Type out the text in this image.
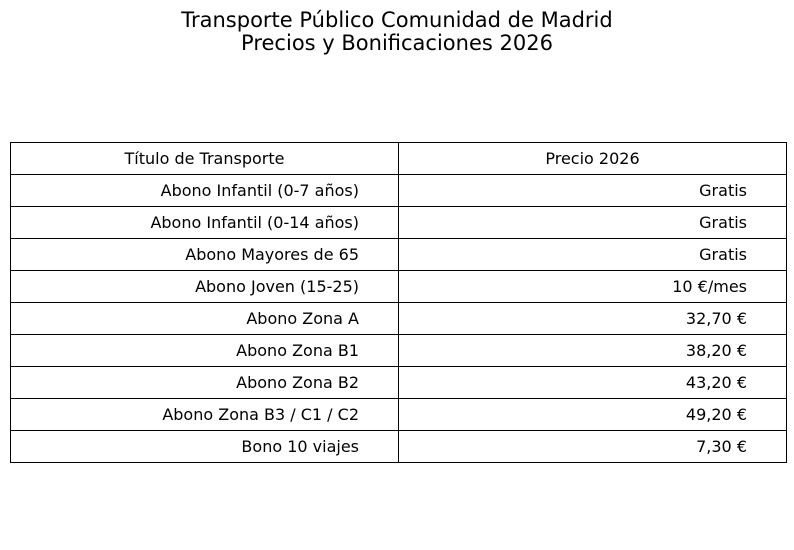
Transporte Público Comunidad de Madrid
Precios y Bonificaciones 2026
Título de Transporte	Precio 2026
Abono Infantil (0-7 años)	Gratis
Abono Infantil (0-14 años)	Gratis
Abono Mayores de 65	Gratis
Abono Joven (15-25)	10 €/mes
Abono Zona A	32,70 €
Abono Zona B1	38,20 €
Abono Zona B2	43,20 €
Abono Zona B3 / C1 / C2	49,20 €
Bono 10 viajes	7,30 €
